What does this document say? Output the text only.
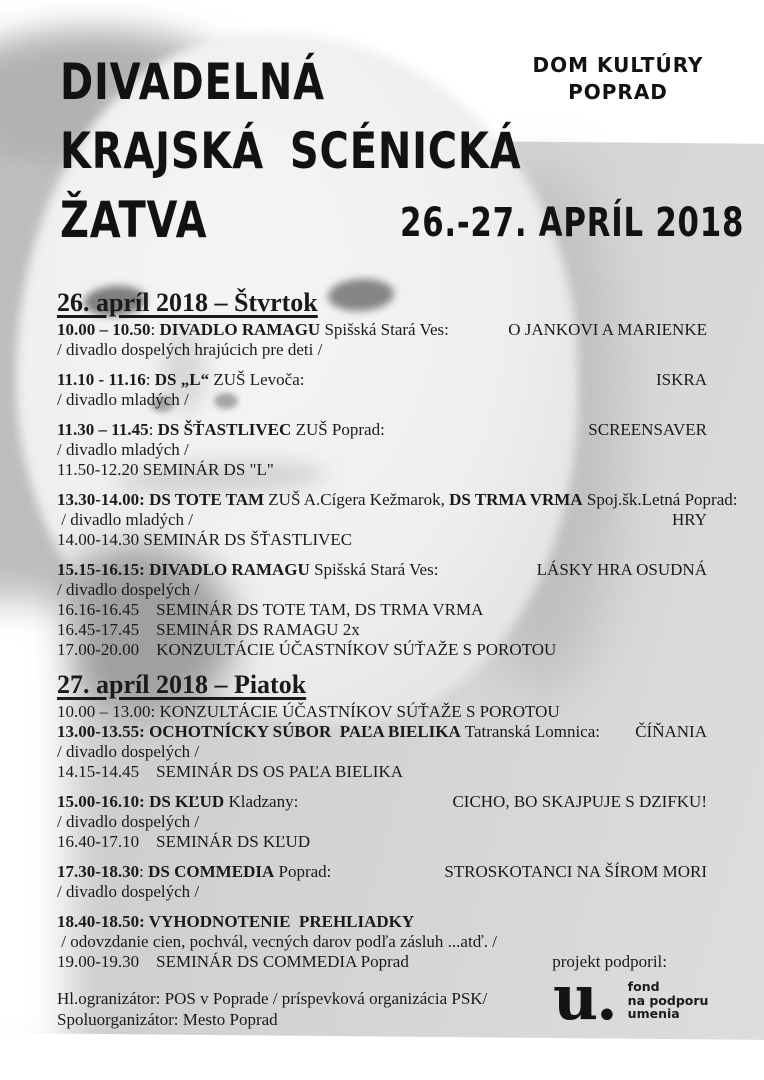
DIVADELNÁ
KRAJSKÁ SCÉNICKÁ
ŽATVA
DOM KULTÚRY
POPRAD
26.-27. APRÍL 2018
26. apríl 2018 – Štvrtok
10.00 – 10.50: DIVADLO RAMAGU Spišská Stará Ves:	O JANKOVI A MARIENKE
/ divadlo dospelých hrajúcich pre deti /
11.10 - 11.16: DS „L“ ZUŠ Levoča:	ISKRA
/ divadlo mladých /
11.30 – 11.45: DS ŠŤASTLIVEC ZUŠ Poprad:	SCREENSAVER
/ divadlo mladých /
11.50-12.20 SEMINÁR DS "L"
13.30-14.00: DS TOTE TAM ZUŠ A.Cígera Kežmarok, DS TRMA VRMA Spoj.šk.Letná Poprad:
/ divadlo mladých /	HRY
14.00-14.30 SEMINÁR DS ŠŤASTLIVEC
15.15-16.15: DIVADLO RAMAGU Spišská Stará Ves:	LÁSKY HRA OSUDNÁ
/ divadlo dospelých /
16.16-16.45    SEMINÁR DS TOTE TAM, DS TRMA VRMA
16.45-17.45    SEMINÁR DS RAMAGU 2x
17.00-20.00    KONZULTÁCIE ÚČASTNÍKOV SÚŤAŽE S POROTOU
27. apríl 2018 – Piatok
10.00 – 13.00: KONZULTÁCIE ÚČASTNÍKOV SÚŤAŽE S POROTOU
13.00-13.55: OCHOTNÍCKY SÚBOR  PAĽA BIELIKA Tatranská Lomnica: ČÍŇANIA
/ divadlo dospelých /
14.15-14.45    SEMINÁR DS OS PAĽA BIELIKA
15.00-16.10: DS KĽUD Kladzany:	CICHO, BO SKAJPUJE S DZIFKU!
/ divadlo dospelých /
16.40-17.10    SEMINÁR DS KĽUD
17.30-18.30: DS COMMEDIA Poprad:	STROSKOTANCI NA ŠÍROM MORI
/ divadlo dospelých /
18.40-18.50: VYHODNOTENIE  PREHLIADKY
/ odovzdanie cien, pochvál, vecných darov podľa zásluh ...atď. /
19.00-19.30    SEMINÁR DS COMMEDIA Poprad	projekt podporil:
Hl.ogranizátor: POS v Poprade / príspevková organizácia PSK/
Spoluorganizátor: Mesto Poprad	u. fond
na podporu
umenia
